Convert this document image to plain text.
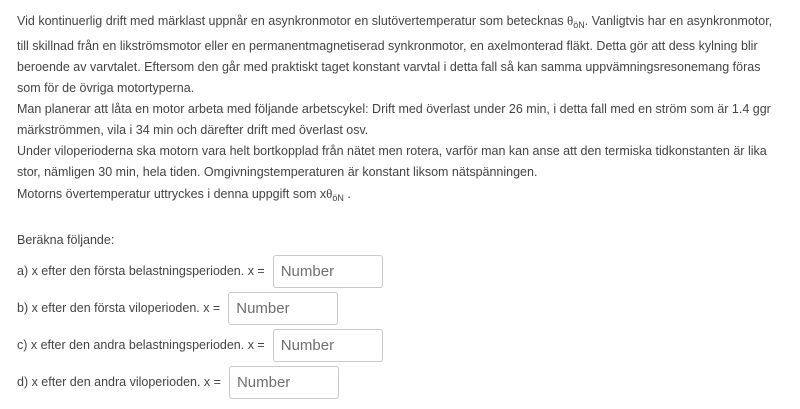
Vid kontinuerlig drift med märklast uppnår en asynkronmotor en slutövertemperatur som betecknas $\theta_{öN}$. Vanligtvis har en asynkronmotor, till skillnad från en likströmsmotor eller en permanentmagnetiserad synkronmotor, en axelmonterad fläkt. Detta gör att dess kylning blir beroende av varvtalet. Eftersom den går med praktiskt taget konstant varvtal i detta fall så kan samma uppvämningsresonemang föras som för de övriga motortyperna.

Man planerar att låta en motor arbeta med följande arbetscykel: Drift med överlast under 26 min, i detta fall med en ström som är 1.4 ggr märkströmmen, vila i 34 min och därefter drift med överlast osv.

Under viloperioderna ska motorn vara helt bortkopplad från nätet men rotera, varför man kan anse att den termiska tidkonstanten är lika stor, nämligen 30 min, hela tiden. Omgivningstemperaturen är konstant liksom nätspänningen.

Motorns övertemperatur uttryckes i denna uppgift som $x\theta_{öN}$ .

Beräkna följande:

a) x efter den första belastningsperioden. x =
Number
b) x efter den första viloperioden. x =
Number
c) x efter den andra belastningsperioden. x =
Number
d) x efter den andra viloperioden. x =
Number
